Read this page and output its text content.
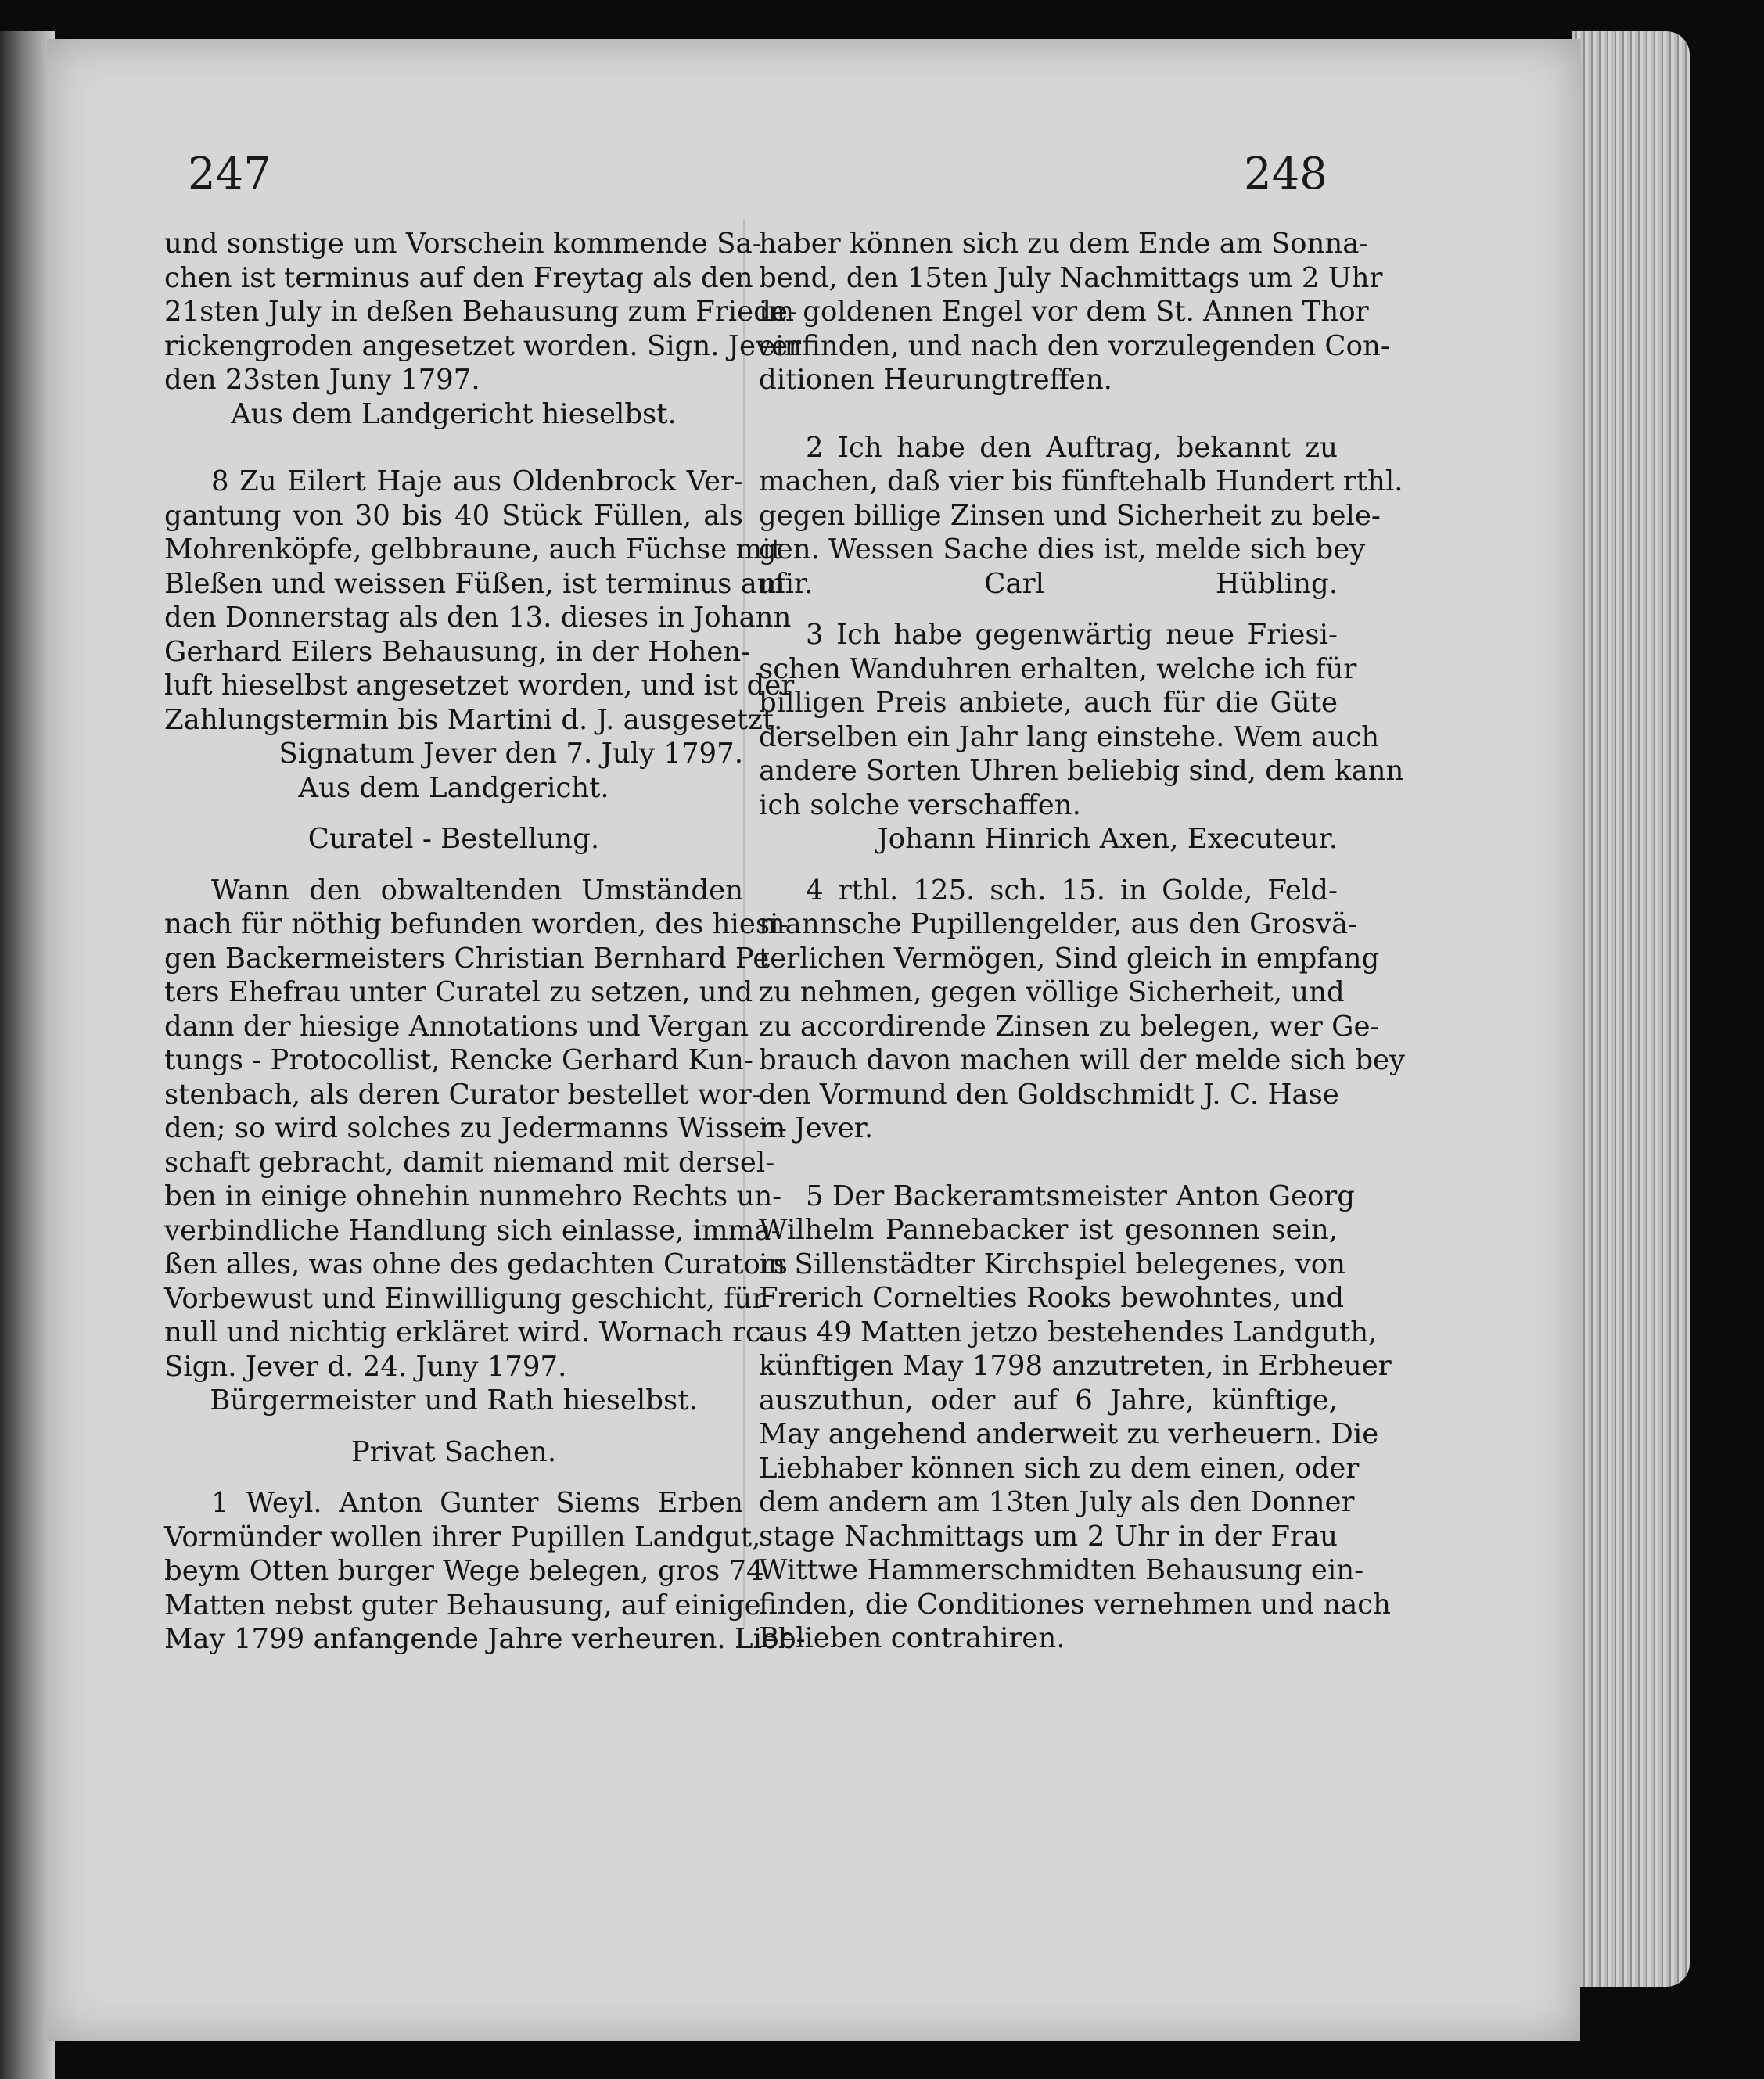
247	248
und sonstige um Vorschein kommende Sa-
chen ist terminus auf den Freytag als den
21sten July in deßen Behausung zum Friede-
rickengroden angesetzet worden. Sign. Jever
den 23sten Juny 1797.
Aus dem Landgericht hieselbst.
8 Zu Eilert Haje aus Oldenbrock Ver-
gantung von 30 bis 40 Stück Füllen, als
Mohrenköpfe, gelbbraune, auch Füchse mit
Bleßen und weissen Füßen, ist terminus auf
den Donnerstag als den 13. dieses in Johann
Gerhard Eilers Behausung, in der Hohen-
luft hieselbst angesetzet worden, und ist der
Zahlungstermin bis Martini d. J. ausgesetzt.
Signatum Jever den 7. July 1797.
Aus dem Landgericht.
Curatel - Bestellung.
Wann den obwaltenden Umständen
nach für nöthig befunden worden, des hiesi-
gen Backermeisters Christian Bernhard Pe-
ters Ehefrau unter Curatel zu setzen, und
dann der hiesige Annotations und Vergan
tungs - Protocollist, Rencke Gerhard Kun-
stenbach, als deren Curator bestellet wor-
den; so wird solches zu Jedermanns Wissen-
schaft gebracht, damit niemand mit dersel-
ben in einige ohnehin nunmehro Rechts un-
verbindliche Handlung sich einlasse, imma-
ßen alles, was ohne des gedachten Curators
Vorbewust und Einwilligung geschicht, für
null und nichtig erkläret wird. Wornach rc.
Sign. Jever d. 24. Juny 1797.
Bürgermeister und Rath hieselbst.
Privat Sachen.
1 Weyl. Anton Gunter Siems Erben
Vormünder wollen ihrer Pupillen Landgut,
beym Otten burger Wege belegen, gros 74
Matten nebst guter Behausung, auf einige
May 1799 anfangende Jahre verheuren. Lieb-
haber können sich zu dem Ende am Sonna-
bend, den 15ten July Nachmittags um 2 Uhr
im goldenen Engel vor dem St. Annen Thor
einfinden, und nach den vorzulegenden Con-
ditionen Heurungtreffen.
2 Ich habe den Auftrag, bekannt zu
machen, daß vier bis fünftehalb Hundert rthl.
gegen billige Zinsen und Sicherheit zu bele-
gen. Wessen Sache dies ist, melde sich bey
mir. Carl Hübling.
3 Ich habe gegenwärtig neue Friesi-
schen Wanduhren erhalten, welche ich für
billigen Preis anbiete, auch für die Güte
derselben ein Jahr lang einstehe. Wem auch
andere Sorten Uhren beliebig sind, dem kann
ich solche verschaffen.
Johann Hinrich Axen, Executeur.
4 rthl. 125. sch. 15. in Golde, Feld-
mannsche Pupillengelder, aus den Grosvä-
terlichen Vermögen, Sind gleich in empfang
zu nehmen, gegen völlige Sicherheit, und
zu accordirende Zinsen zu belegen, wer Ge-
brauch davon machen will der melde sich bey
den Vormund den Goldschmidt J. C. Hase
in Jever.
5 Der Backeramtsmeister Anton Georg
Wilhelm Pannebacker ist gesonnen sein,
in Sillenstädter Kirchspiel belegenes, von
Frerich Cornelties Rooks bewohntes, und
aus 49 Matten jetzo bestehendes Landguth,
künftigen May 1798 anzutreten, in Erbheuer
auszuthun, oder auf 6 Jahre, künftige,
May angehend anderweit zu verheuern. Die
Liebhaber können sich zu dem einen, oder
dem andern am 13ten July als den Donner
stage Nachmittags um 2 Uhr in der Frau
Wittwe Hammerschmidten Behausung ein-
finden, die Conditiones vernehmen und nach
Belieben contrahiren.
